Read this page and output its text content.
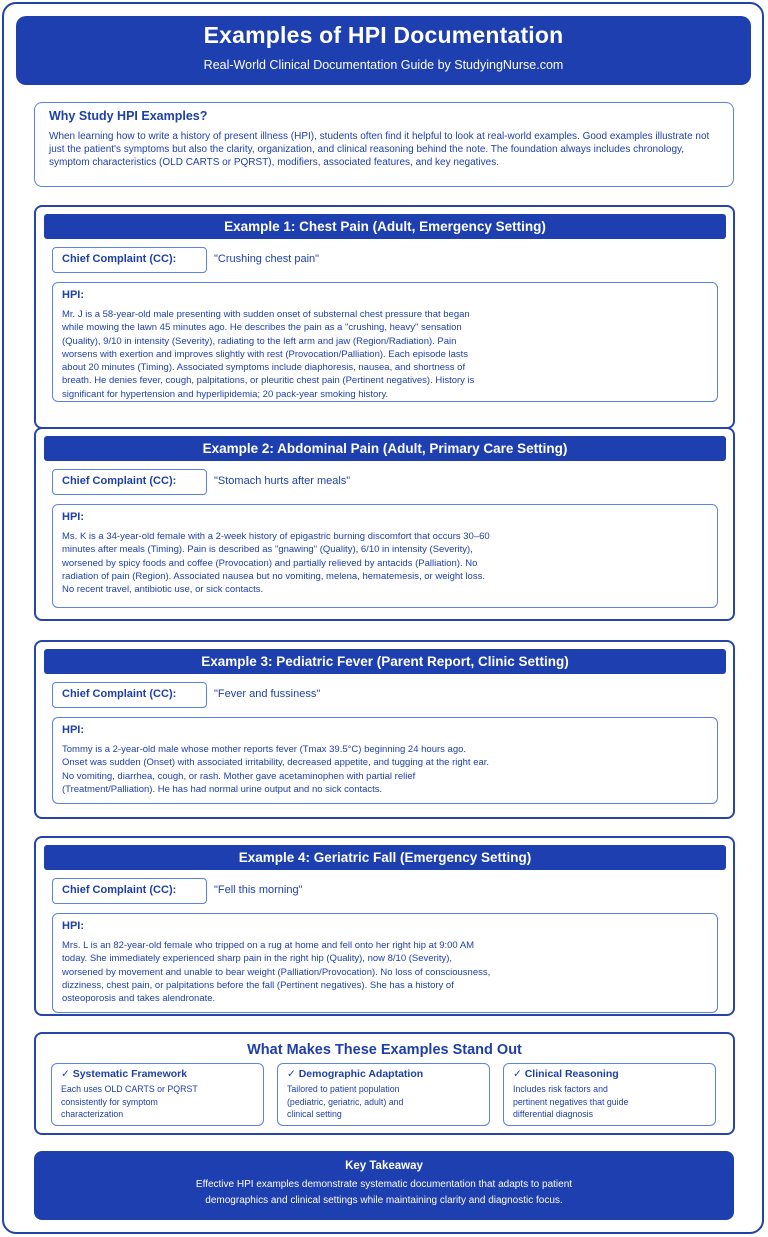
Examples of HPI Documentation
Real-World Clinical Documentation Guide by StudyingNurse.com
Why Study HPI Examples?

When learning how to write a history of present illness (HPI), students often find it helpful to look at real-world examples. Good examples illustrate not just the patient's symptoms but also the clarity, organization, and clinical reasoning behind the note. The foundation always includes chronology, symptom characteristics (OLD CARTS or PQRST), modifiers, associated features, and key negatives.

Example 1: Chest Pain (Adult, Emergency Setting)
Chief Complaint (CC):	"Crushing chest pain"
HPI:
Mr. J is a 58-year-old male presenting with sudden onset of substernal chest pressure that began while mowing the lawn 45 minutes ago. He describes the pain as a "crushing, heavy" sensation (Quality), 9/10 in intensity (Severity), radiating to the left arm and jaw (Region/Radiation). Pain worsens with exertion and improves slightly with rest (Provocation/Palliation). Each episode lasts about 20 minutes (Timing). Associated symptoms include diaphoresis, nausea, and shortness of breath. He denies fever, cough, palpitations, or pleuritic chest pain (Pertinent negatives). History is significant for hypertension and hyperlipidemia; 20 pack-year smoking history.
Example 2: Abdominal Pain (Adult, Primary Care Setting)
Chief Complaint (CC):	"Stomach hurts after meals"
HPI:
Ms. K is a 34-year-old female with a 2-week history of epigastric burning discomfort that occurs 30–60 minutes after meals (Timing). Pain is described as "gnawing" (Quality), 6/10 in intensity (Severity), worsened by spicy foods and coffee (Provocation) and partially relieved by antacids (Palliation). No radiation of pain (Region). Associated nausea but no vomiting, melena, hematemesis, or weight loss. No recent travel, antibiotic use, or sick contacts.
Example 3: Pediatric Fever (Parent Report, Clinic Setting)
Chief Complaint (CC):	"Fever and fussiness"
HPI:
Tommy is a 2-year-old male whose mother reports fever (Tmax 39.5°C) beginning 24 hours ago. Onset was sudden (Onset) with associated irritability, decreased appetite, and tugging at the right ear. No vomiting, diarrhea, cough, or rash. Mother gave acetaminophen with partial relief (Treatment/Palliation). He has had normal urine output and no sick contacts.
Example 4: Geriatric Fall (Emergency Setting)
Chief Complaint (CC):	"Fell this morning"
HPI:
Mrs. L is an 82-year-old female who tripped on a rug at home and fell onto her right hip at 9:00 AM today. She immediately experienced sharp pain in the right hip (Quality), now 8/10 (Severity), worsened by movement and unable to bear weight (Palliation/Provocation). No loss of consciousness, dizziness, chest pain, or palpitations before the fall (Pertinent negatives). She has a history of osteoporosis and takes alendronate.
What Makes These Examples Stand Out
✓ Systematic Framework
Each uses OLD CARTS or PQRST consistently for symptom characterization
✓ Demographic Adaptation
Tailored to patient population (pediatric, geriatric, adult) and clinical setting
✓ Clinical Reasoning
Includes risk factors and pertinent negatives that guide differential diagnosis
Key Takeaway
Effective HPI examples demonstrate systematic documentation that adapts to patient demographics and clinical settings while maintaining clarity and diagnostic focus.
